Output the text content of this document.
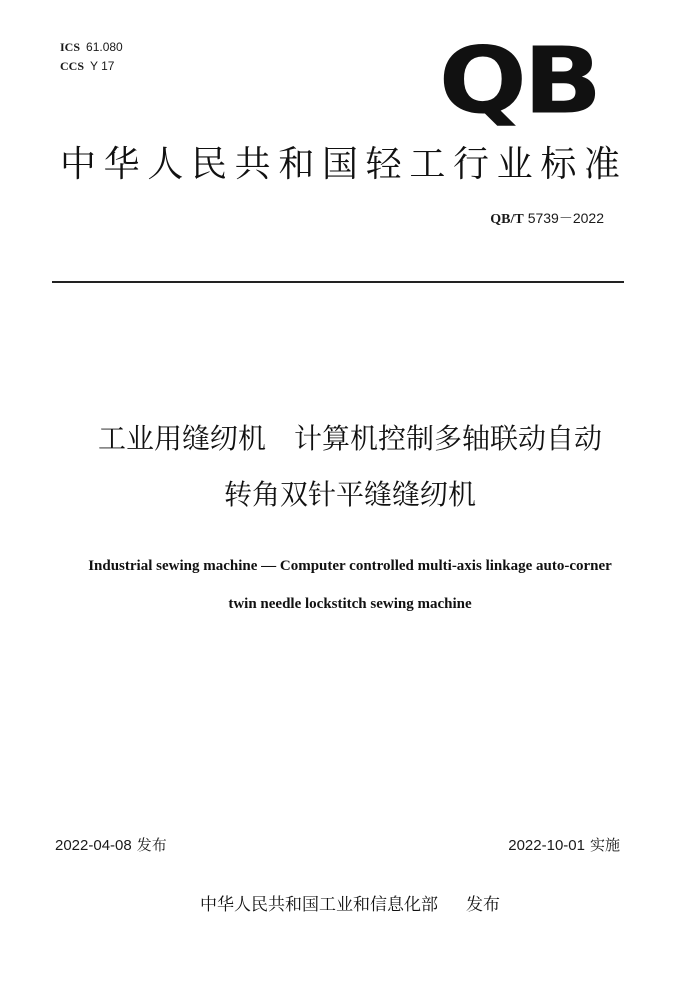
ICS 61.080
CCS Y 17	QB
中华人民共和国轻工行业标准
QB/T 5739－2022
工业用缝纫机　计算机控制多轴联动自动
转角双针平缝缝纫机
Industrial sewing machine — Computer controlled multi-axis linkage auto-corner
twin needle lockstitch sewing machine
2022-04-08 发布	2022-10-01 实施
中华人民共和国工业和信息化部 发布
